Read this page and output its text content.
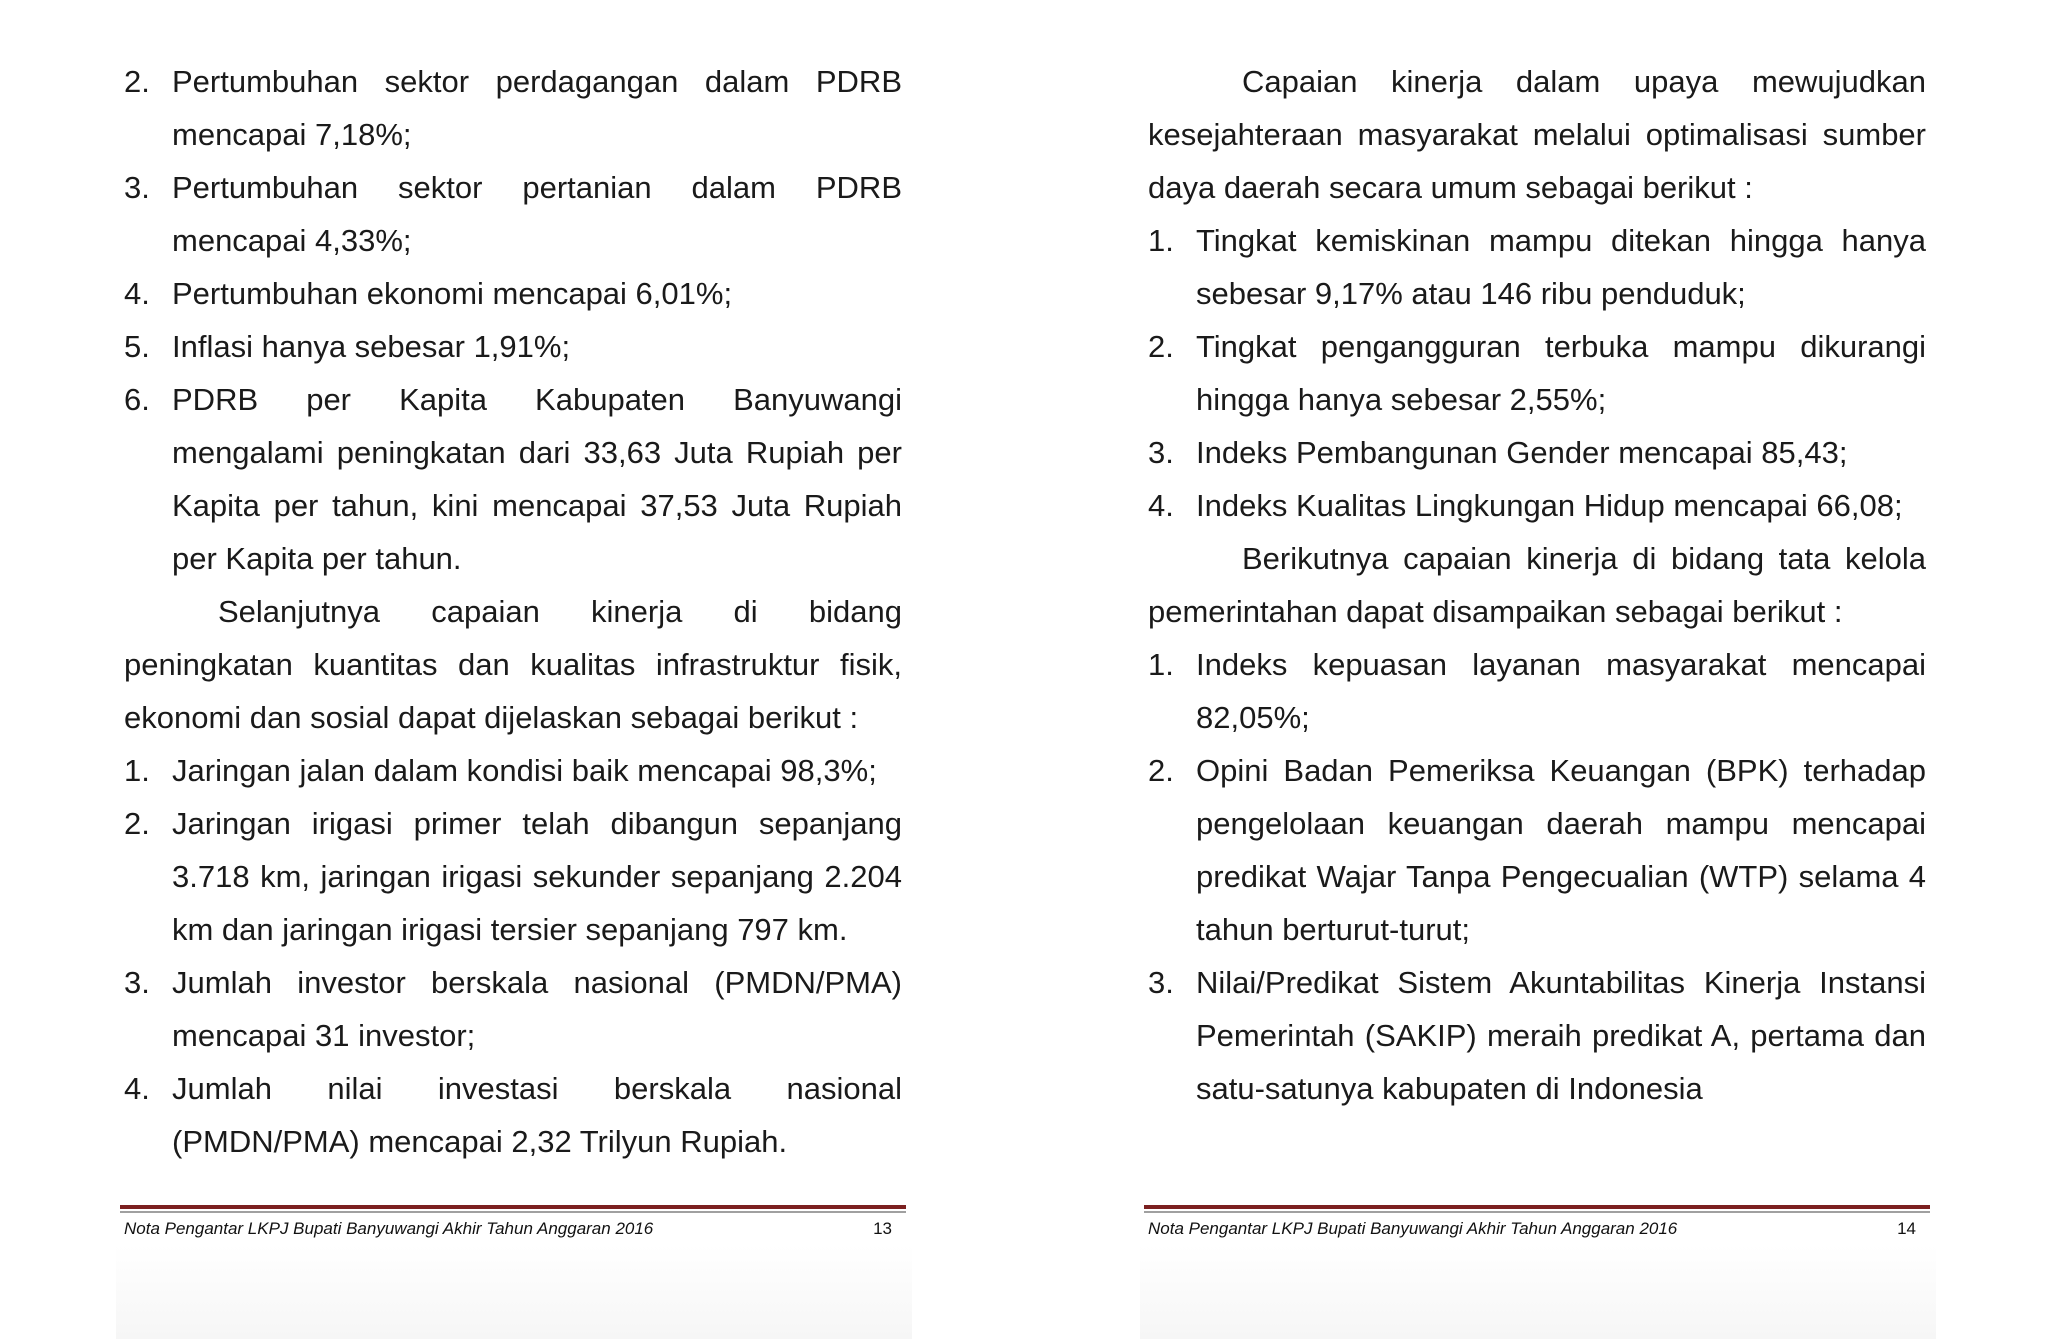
2. Pertumbuhan sektor perdagangan dalam PDRB mencapai 7,18%;
3. Pertumbuhan sektor pertanian dalam PDRB mencapai 4,33%;
4. Pertumbuhan ekonomi mencapai 6,01%;
5. Inflasi hanya sebesar 1,91%;
6. PDRB per Kapita Kabupaten Banyuwangi mengalami peningkatan dari 33,63 Juta Rupiah per Kapita per tahun, kini mencapai 37,53 Juta Rupiah per Kapita per tahun.
Selanjutnya capaian kinerja di bidang peningkatan kuantitas dan kualitas infrastruktur fisik, ekonomi dan sosial dapat dijelaskan sebagai berikut :
1. Jaringan jalan dalam kondisi baik mencapai 98,3%;
2. Jaringan irigasi primer telah dibangun sepanjang 3.718 km, jaringan irigasi sekunder sepanjang 2.204 km dan jaringan irigasi tersier sepanjang 797 km.
3. Jumlah investor berskala nasional (PMDN/PMA) mencapai 31 investor;
4. Jumlah nilai investasi berskala nasional (PMDN/PMA) mencapai 2,32 Trilyun Rupiah.
Nota Pengantar LKPJ Bupati Banyuwangi Akhir Tahun Anggaran 2016	13
Capaian kinerja dalam upaya mewujudkan kesejahteraan masyarakat melalui optimalisasi sumber daya daerah secara umum sebagai berikut :
1. Tingkat kemiskinan mampu ditekan hingga hanya sebesar 9,17% atau 146 ribu penduduk;
2. Tingkat pengangguran terbuka mampu dikurangi hingga hanya sebesar 2,55%;
3. Indeks Pembangunan Gender mencapai 85,43;
4. Indeks Kualitas Lingkungan Hidup mencapai 66,08;
Berikutnya capaian kinerja di bidang tata kelola pemerintahan dapat disampaikan sebagai berikut :
1. Indeks kepuasan layanan masyarakat mencapai 82,05%;
2. Opini Badan Pemeriksa Keuangan (BPK) terhadap pengelolaan keuangan daerah mampu mencapai predikat Wajar Tanpa Pengecualian (WTP) selama 4 tahun berturut-turut;
3. Nilai/Predikat Sistem Akuntabilitas Kinerja Instansi Pemerintah (SAKIP) meraih predikat A, pertama dan satu-satunya kabupaten di Indonesia
Nota Pengantar LKPJ Bupati Banyuwangi Akhir Tahun Anggaran 2016	14
